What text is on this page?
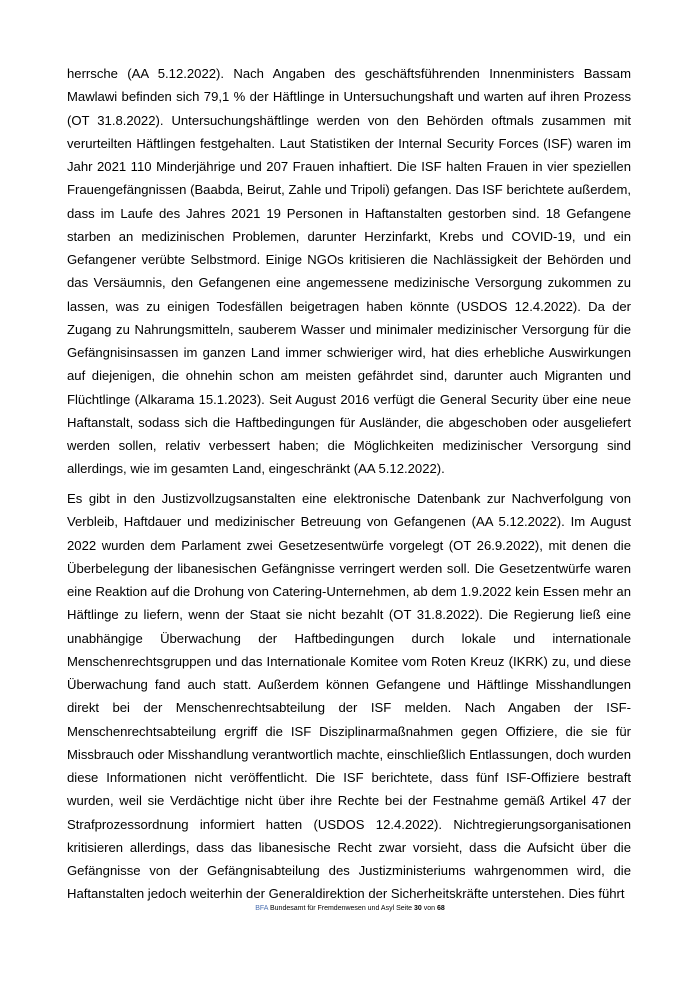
herrsche (AA 5.12.2022). Nach Angaben des geschäftsführenden Innenministers Bassam Mawlawi befinden sich 79,1 % der Häftlinge in Untersuchungshaft und warten auf ihren Prozess (OT 31.8.2022). Untersuchungshäftlinge werden von den Behörden oftmals zusammen mit verurteilten Häftlingen festgehalten. Laut Statistiken der Internal Security Forces (ISF) waren im Jahr 2021 110 Minderjährige und 207 Frauen inhaftiert. Die ISF halten Frauen in vier speziellen Frauengefängnissen (Baabda, Beirut, Zahle und Tripoli) gefangen. Das ISF berichtete außerdem, dass im Laufe des Jahres 2021 19 Personen in Haftanstalten gestorben sind. 18 Gefangene starben an medizinischen Problemen, darunter Herzinfarkt, Krebs und COVID-19, und ein Gefangener verübte Selbstmord. Einige NGOs kritisieren die Nachlässigkeit der Behörden und das Versäumnis, den Gefangenen eine angemessene medizinische Versorgung zukommen zu lassen, was zu einigen Todesfällen beigetragen haben könnte (USDOS 12.4.2022). Da der Zugang zu Nahrungsmitteln, sauberem Wasser und minimaler medizinischer Versorgung für die Gefängnisinsassen im ganzen Land immer schwieriger wird, hat dies erhebliche Auswirkungen auf diejenigen, die ohnehin schon am meisten gefährdet sind, darunter auch Migranten und Flüchtlinge (Alkarama 15.1.2023). Seit August 2016 verfügt die General Security über eine neue Haftanstalt, sodass sich die Haftbedingungen für Ausländer, die abgeschoben oder ausgeliefert werden sollen, relativ verbessert haben; die Möglichkeiten medizinischer Versorgung sind allerdings, wie im gesamten Land, eingeschränkt (AA 5.12.2022).

Es gibt in den Justizvollzugsanstalten eine elektronische Datenbank zur Nachverfolgung von Verbleib, Haftdauer und medizinischer Betreuung von Gefangenen (AA 5.12.2022). Im August 2022 wurden dem Parlament zwei Gesetzesentwürfe vorgelegt (OT 26.9.2022), mit denen die Überbelegung der libanesischen Gefängnisse verringert werden soll. Die Gesetzentwürfe waren eine Reaktion auf die Drohung von Catering-Unternehmen, ab dem 1.9.2022 kein Essen mehr an Häftlinge zu liefern, wenn der Staat sie nicht bezahlt (OT 31.8.2022). Die Regierung ließ eine unabhängige Überwachung der Haftbedingungen durch lokale und internationale Menschenrechtsgruppen und das Internationale Komitee vom Roten Kreuz (IKRK) zu, und diese Überwachung fand auch statt. Außerdem können Gefangene und Häftlinge Misshandlungen direkt bei der Menschenrechtsabteilung der ISF melden. Nach Angaben der ISF-Menschenrechtsabteilung ergriff die ISF Disziplinarmaßnahmen gegen Offiziere, die sie für Missbrauch oder Misshandlung verantwortlich machte, einschließlich Entlassungen, doch wurden diese Informationen nicht veröffentlicht. Die ISF berichtete, dass fünf ISF-Offiziere bestraft wurden, weil sie Verdächtige nicht über ihre Rechte bei der Festnahme gemäß Artikel 47 der Strafprozessordnung informiert hatten (USDOS 12.4.2022). Nichtregierungsorganisationen kritisieren allerdings, dass das libanesische Recht zwar vorsieht, dass die Aufsicht über die Gefängnisse von der Gefängnisabteilung des Justizministeriums wahrgenommen wird, die Haftanstalten jedoch weiterhin der Generaldirektion der Sicherheitskräfte unterstehen. Dies führt

BFA Bundesamt für Fremdenwesen und Asyl Seite 30 von 68
